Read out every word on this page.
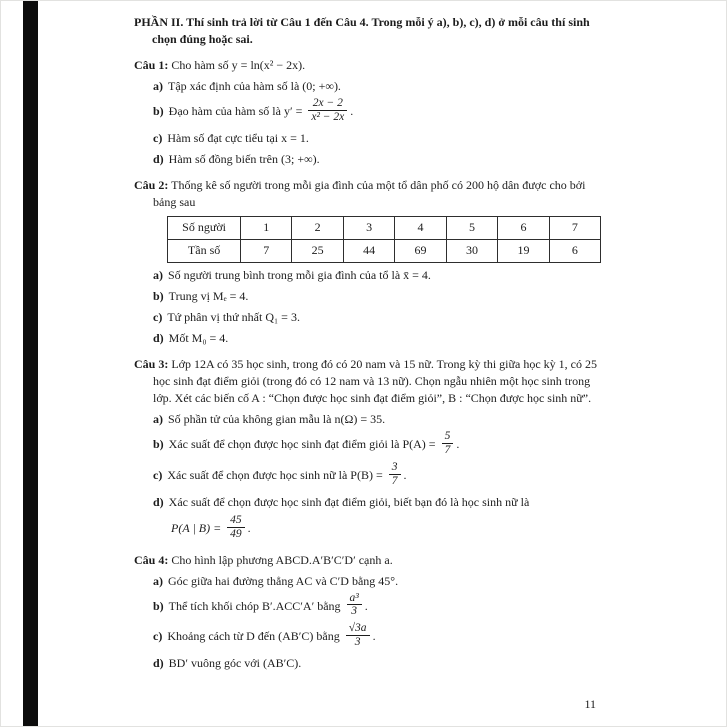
PHẦN II. Thí sinh trả lời từ Câu 1 đến Câu 4. Trong mỗi ý a), b), c), d) ở mỗi câu thí sinh chọn đúng hoặc sai.
Câu 1: Cho hàm số y = ln(x² − 2x).
a) Tập xác định của hàm số là (0; +∞).
b) Đạo hàm của hàm số là $y' = \frac{2x - 2}{\text{x² − 2x}}$ .
c) Hàm số đạt cực tiểu tại x = 1.
d) Hàm số đồng biến trên (3; +∞).
Câu 2: Thống kê số người trong mỗi gia đình của một tổ dân phố có 200 hộ dân được cho bởi bảng sau
Số người	1	2	3	4	5	6	7
Tần số	7	25	44	69	30	19	6
a) Số người trung bình trong mỗi gia đình của tổ là x̄ = 4.
b) Trung vị Mₑ = 4.
c) Tứ phân vị thứ nhất Q₁ = 3.
d) Mốt M₀ = 4.
Câu 3: Lớp 12A có 35 học sinh, trong đó có 20 nam và 15 nữ. Trong kỳ thi giữa học kỳ 1, có 25 học sinh đạt điểm giỏi (trong đó có 12 nam và 13 nữ). Chọn ngẫu nhiên một học sinh trong lớp. Xét các biến cố A : “Chọn được học sinh đạt điểm giỏi”, B : “Chọn được học sinh nữ”.
a) Số phần tử của không gian mẫu là n(Ω) = 35.
b) Xác suất để chọn được học sinh đạt điểm giỏi là $P(A) = \frac{5}{7}$ .
c) Xác suất để chọn được học sinh nữ là $P(B) = \frac{3}{7}$ .
d) Xác suất để chọn được học sinh đạt điểm giỏi, biết bạn đó là học sinh nữ là
P(A | $B) = \frac{45}{49}$ .
Câu 4: Cho hình lập phương ABCD.A′B′C′D′ cạnh a.
a) Góc giữa hai đường thẳng AC và C′D bằng 45°.
b) Thể tích khối chóp B′.ACC′A′ bằng $\frac{\text{a³}}{3}$ .
c) Khoảng cách từ D đến (AB′C) bằng $\frac{√3a}{3}$ .
d) BD′ vuông góc với (AB′C).
11
